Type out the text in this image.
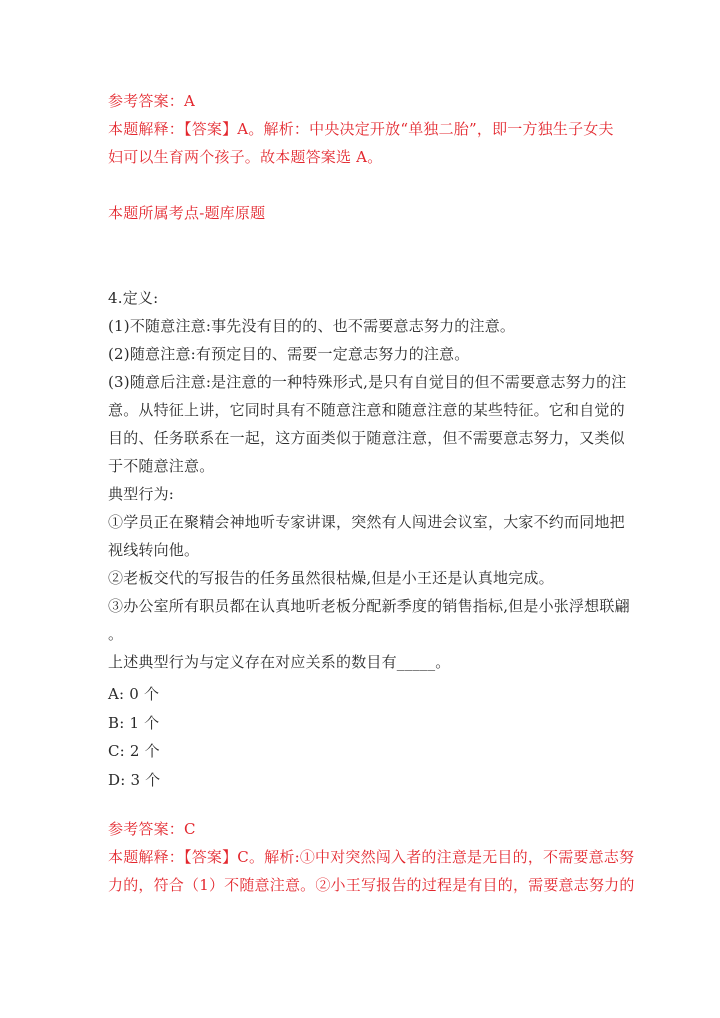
参考答案：A
本题解释：【答案】A。解析：中央决定开放“单独二胎”，即一方独生子女夫
妇可以生育两个孩子。故本题答案选 A。
本题所属考点-题库原题
4.定义:
(1)不随意注意:事先没有目的的、也不需要意志努力的注意。
(2)随意注意:有预定目的、需要一定意志努力的注意。
(3)随意后注意:是注意的一种特殊形式,是只有自觉目的但不需要意志努力的注
意。从特征上讲，它同时具有不随意注意和随意注意的某些特征。它和自觉的
目的、任务联系在一起，这方面类似于随意注意，但不需要意志努力，又类似
于不随意注意。
典型行为:
①学员正在聚精会神地听专家讲课，突然有人闯进会议室，大家不约而同地把
视线转向他。
②老板交代的写报告的任务虽然很枯燥,但是小王还是认真地完成。
③办公室所有职员都在认真地听老板分配新季度的销售指标,但是小张浮想联翩
。
上述典型行为与定义存在对应关系的数目有_____。
A: 0 个
B: 1 个
C: 2 个
D: 3 个
参考答案：C
本题解释：【答案】C。解析:①中对突然闯入者的注意是无目的，不需要意志努
力的，符合（1）不随意注意。②小王写报告的过程是有目的，需要意志努力的
